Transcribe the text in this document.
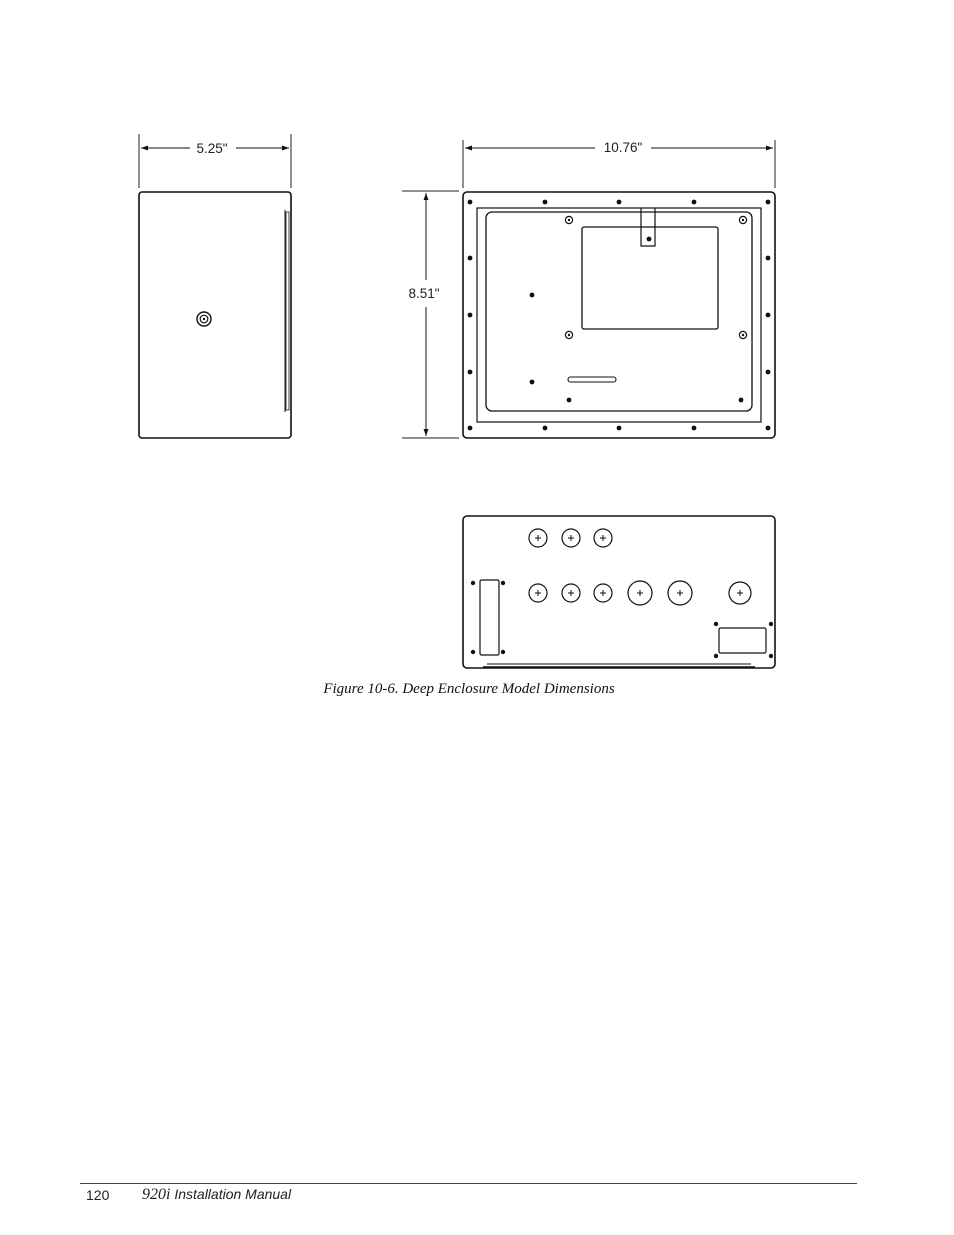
5.25"	10.76"
8.51"
Figure 10-6. Deep Enclosure Model Dimensions
120 920i Installation Manual
